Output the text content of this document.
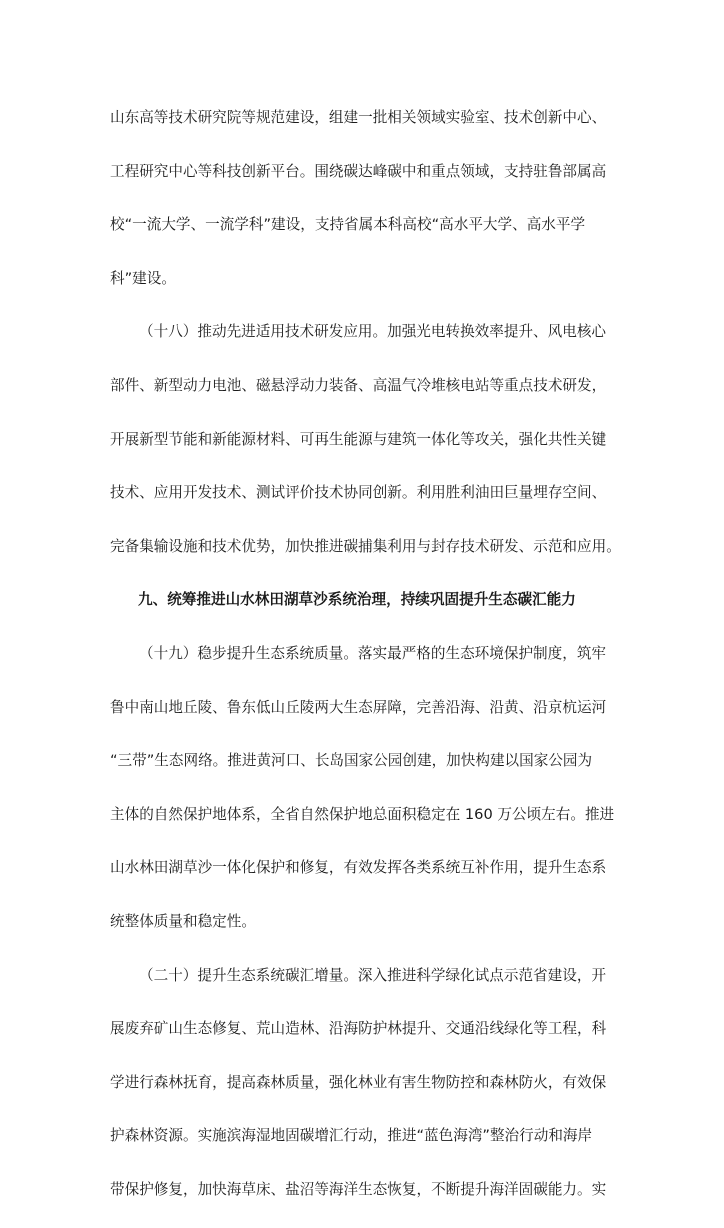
山东高等技术研究院等规范建设，组建一批相关领域实验室、技术创新中心、
工程研究中心等科技创新平台。围绕碳达峰碳中和重点领域，支持驻鲁部属高
校“一流大学、一流学科”建设，支持省属本科高校“高水平大学、高水平学
科”建设。
（十八）推动先进适用技术研发应用。加强光电转换效率提升、风电核心
部件、新型动力电池、磁悬浮动力装备、高温气冷堆核电站等重点技术研发，
开展新型节能和新能源材料、可再生能源与建筑一体化等攻关，强化共性关键
技术、应用开发技术、测试评价技术协同创新。利用胜利油田巨量埋存空间、
完备集输设施和技术优势，加快推进碳捕集利用与封存技术研发、示范和应用。
九、统筹推进山水林田湖草沙系统治理，持续巩固提升生态碳汇能力
（十九）稳步提升生态系统质量。落实最严格的生态环境保护制度，筑牢
鲁中南山地丘陵、鲁东低山丘陵两大生态屏障，完善沿海、沿黄、沿京杭运河
“三带”生态网络。推进黄河口、长岛国家公园创建，加快构建以国家公园为
主体的自然保护地体系，全省自然保护地总面积稳定在 160 万公顷左右。推进
山水林田湖草沙一体化保护和修复，有效发挥各类系统互补作用，提升生态系
统整体质量和稳定性。
（二十）提升生态系统碳汇增量。深入推进科学绿化试点示范省建设，开
展废弃矿山生态修复、荒山造林、沿海防护林提升、交通沿线绿化等工程，科
学进行森林抚育，提高森林质量，强化林业有害生物防控和森林防火，有效保
护森林资源。实施滨海湿地固碳增汇行动，推进“蓝色海湾”整治行动和海岸
带保护修复，加快海草床、盐沼等海洋生态恢复，不断提升海洋固碳能力。实
